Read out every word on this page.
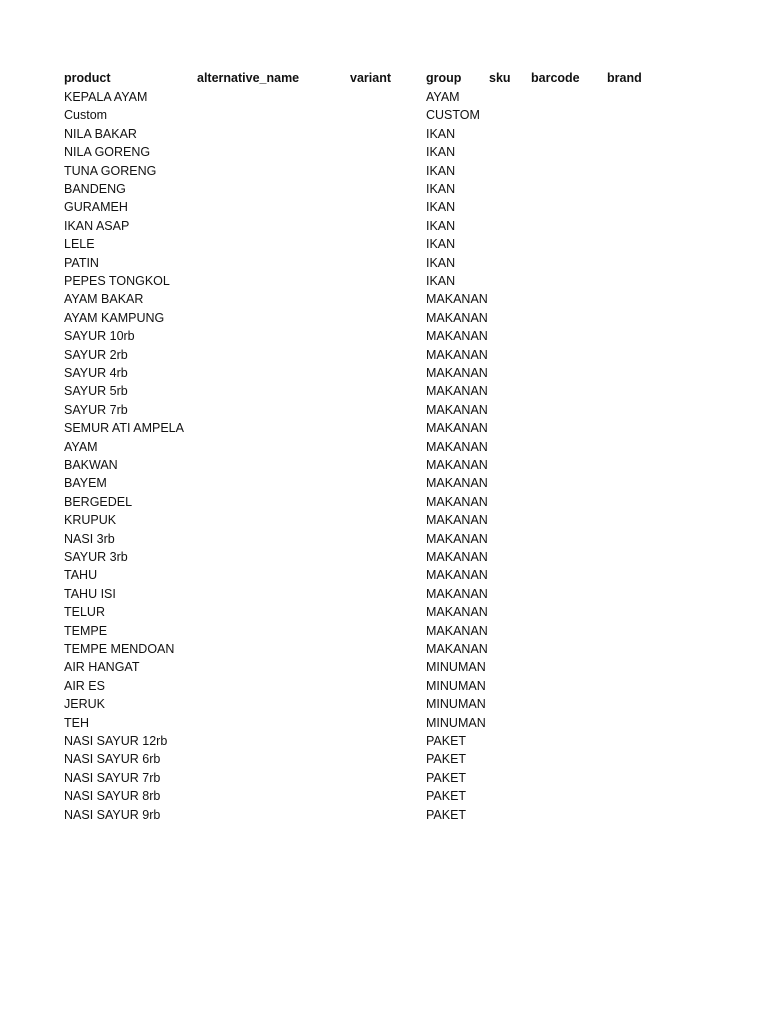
product	alternative_name	variant	group sku barcode brand
KEPALA AYAM	AYAM
Custom	CUSTOM
NILA BAKAR	IKAN
NILA GORENG	IKAN
TUNA GORENG	IKAN
BANDENG	IKAN
GURAMEH	IKAN
IKAN ASAP	IKAN
LELE	IKAN
PATIN	IKAN
PEPES TONGKOL	IKAN
AYAM BAKAR	MAKANAN
AYAM KAMPUNG	MAKANAN
SAYUR 10rb	MAKANAN
SAYUR 2rb	MAKANAN
SAYUR 4rb	MAKANAN
SAYUR 5rb	MAKANAN
SAYUR 7rb	MAKANAN
SEMUR ATI AMPELA	MAKANAN
AYAM	MAKANAN
BAKWAN	MAKANAN
BAYEM	MAKANAN
BERGEDEL	MAKANAN
KRUPUK	MAKANAN
NASI 3rb	MAKANAN
SAYUR 3rb	MAKANAN
TAHU	MAKANAN
TAHU ISI	MAKANAN
TELUR	MAKANAN
TEMPE	MAKANAN
TEMPE MENDOAN	MAKANAN
AIR HANGAT	MINUMAN
AIR ES	MINUMAN
JERUK	MINUMAN
TEH	MINUMAN
NASI SAYUR 12rb	PAKET
NASI SAYUR 6rb	PAKET
NASI SAYUR 7rb	PAKET
NASI SAYUR 8rb	PAKET
NASI SAYUR 9rb	PAKET
